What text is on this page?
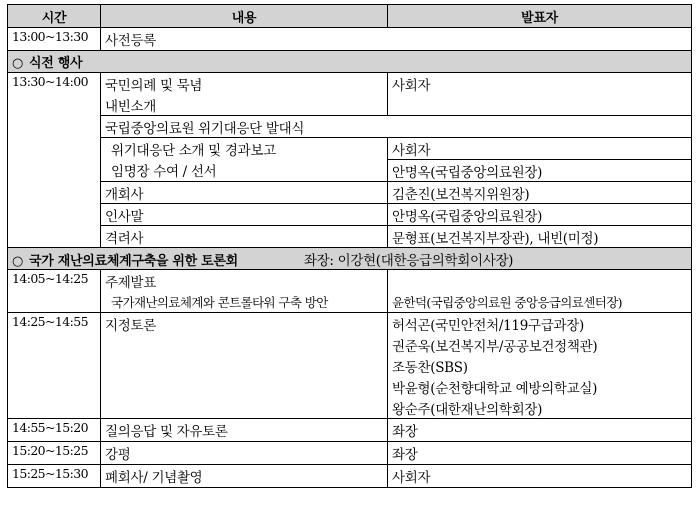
시간	내용	발표자
13:00~13:30	사전등록	
○ 식전 행사		
13:30~14:00	국민의례 및 묵념	사회자
	내빈소개	
	국립중앙의료원 위기대응단 발대식	
	위기대응단 소개 및 경과보고	사회자
	임명장 수여 / 선서	안명옥(국립중앙의료원장)
	개회사	김춘진(보건복지위원장)
	인사말	안명옥(국립중앙의료원장)
	격려사	문형표(보건복지부장관), 내빈(미정)
○ 국가 재난의료체계구축을 위한 토론회 좌장: 이강현(대한응급의학회이사장)		
14:05~14:25	주제발표	
	국가재난의료체계와 콘트롤타워 구축 방안	윤한덕(국립중앙의료원 중앙응급의료센터장)
14:25~14:55	지정토론	허석곤(국민안전처/119구급과장)
		권준욱(보건복지부/공공보건정책관)
		조동찬(SBS)
		박윤형(순천향대학교 예방의학교실)
		왕순주(대한재난의학회장)
14:55~15:20	질의응답 및 자유토론	좌장
15:20~15:25	강평	좌장
15:25~15:30	폐회사/ 기념촬영	사회자
